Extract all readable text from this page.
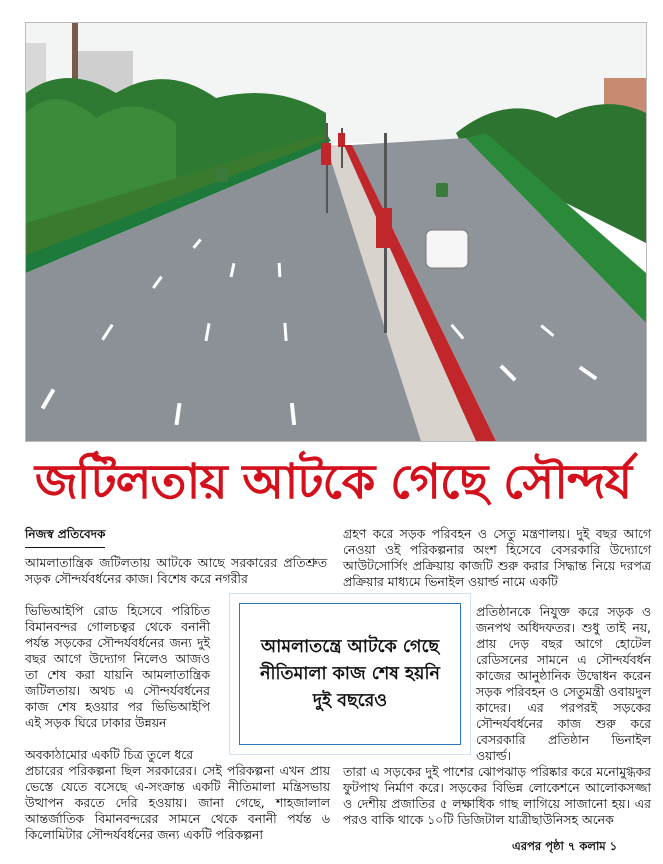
জটিলতায় আটকে গেছে সৌন্দর্য
নিজস্ব প্রতিবেদক
আমলাতান্ত্রিক জটিলতায় আটকে আছে সরকারের প্রতিশ্রুত সড়ক সৌন্দর্যবর্ধনের কাজ। বিশেষ করে নগরীর
ভিভিআইপি রোড হিসেবে পরিচিত বিমানবন্দর গোলচত্বর থেকে বনানী পর্যন্ত সড়কের সৌন্দর্যবর্ধনের জন্য দুই বছর আগে উদ্যোগ নিলেও আজও তা শেষ করা যায়নি আমলাতান্ত্রিক জটিলতায়। অথচ এ সৌন্দর্যবর্ধনের কাজ শেষ হওয়ার পর ভিভিআইপি এই সড়ক ঘিরে ঢাকার উন্নয়ন
অবকাঠামোর একটি চিত্র তুলে ধরে
প্রচারের পরিকল্পনা ছিল সরকারের। সেই পরিকল্পনা এখন প্রায় ভেস্তে যেতে বসেছে এ-সংক্রান্ত একটি নীতিমালা মন্ত্রিসভায় উত্থাপন করতে দেরি হওয়ায়। জানা গেছে, শাহজালাল আন্তর্জাতিক বিমানবন্দরের সামনে থেকে বনানী পর্যন্ত ৬ কিলোমিটার সৌন্দর্যবর্ধনের জন্য একটি পরিকল্পনা
গ্রহণ করে সড়ক পরিবহন ও সেতু মন্ত্রণালয়। দুই বছর আগে নেওয়া ওই পরিকল্পনার অংশ হিসেবে বেসরকারি উদ্যোগে আউটসোর্সিং প্রক্রিয়ায় কাজটি শুরু করার সিদ্ধান্ত নিয়ে দরপত্র প্রক্রিয়ার মাধ্যমে ভিনাইল ওয়ার্ল্ড নামে একটি
প্রতিষ্ঠানকে নিযুক্ত করে সড়ক ও জনপথ অধিদফতর। শুধু তাই নয়, প্রায় দেড় বছর আগে হোটেল রেডিসনের সামনে এ সৌন্দর্যবর্ধন কাজের আনুষ্ঠানিক উদ্বোধন করেন সড়ক পরিবহন ও সেতুমন্ত্রী ওবায়দুল কাদের। এর পরপরই সড়কের সৌন্দর্যবর্ধনের কাজ শুরু করে বেসরকারি প্রতিষ্ঠান ভিনাইল ওয়ার্ল্ড।
তারা এ সড়কের দুই পাশের ঝোপঝাড় পরিষ্কার করে মনোমুগ্ধকর ফুটপাথ নির্মাণ করে। সড়কের বিভিন্ন লোকেশনে আলোকসজ্জা ও দেশীয় প্রজাতির ৫ লক্ষাধিক গাছ লাগিয়ে সাজানো হয়। এর পরও বাকি থাকে ১০টি ডিজিটাল যাত্রীছাউনিসহ অনেক
এরপর পৃষ্ঠা ৭ কলাম ১
আমলাতন্ত্রে আটকে গেছে নীতিমালা কাজ শেষ হয়নি দুই বছরেও
